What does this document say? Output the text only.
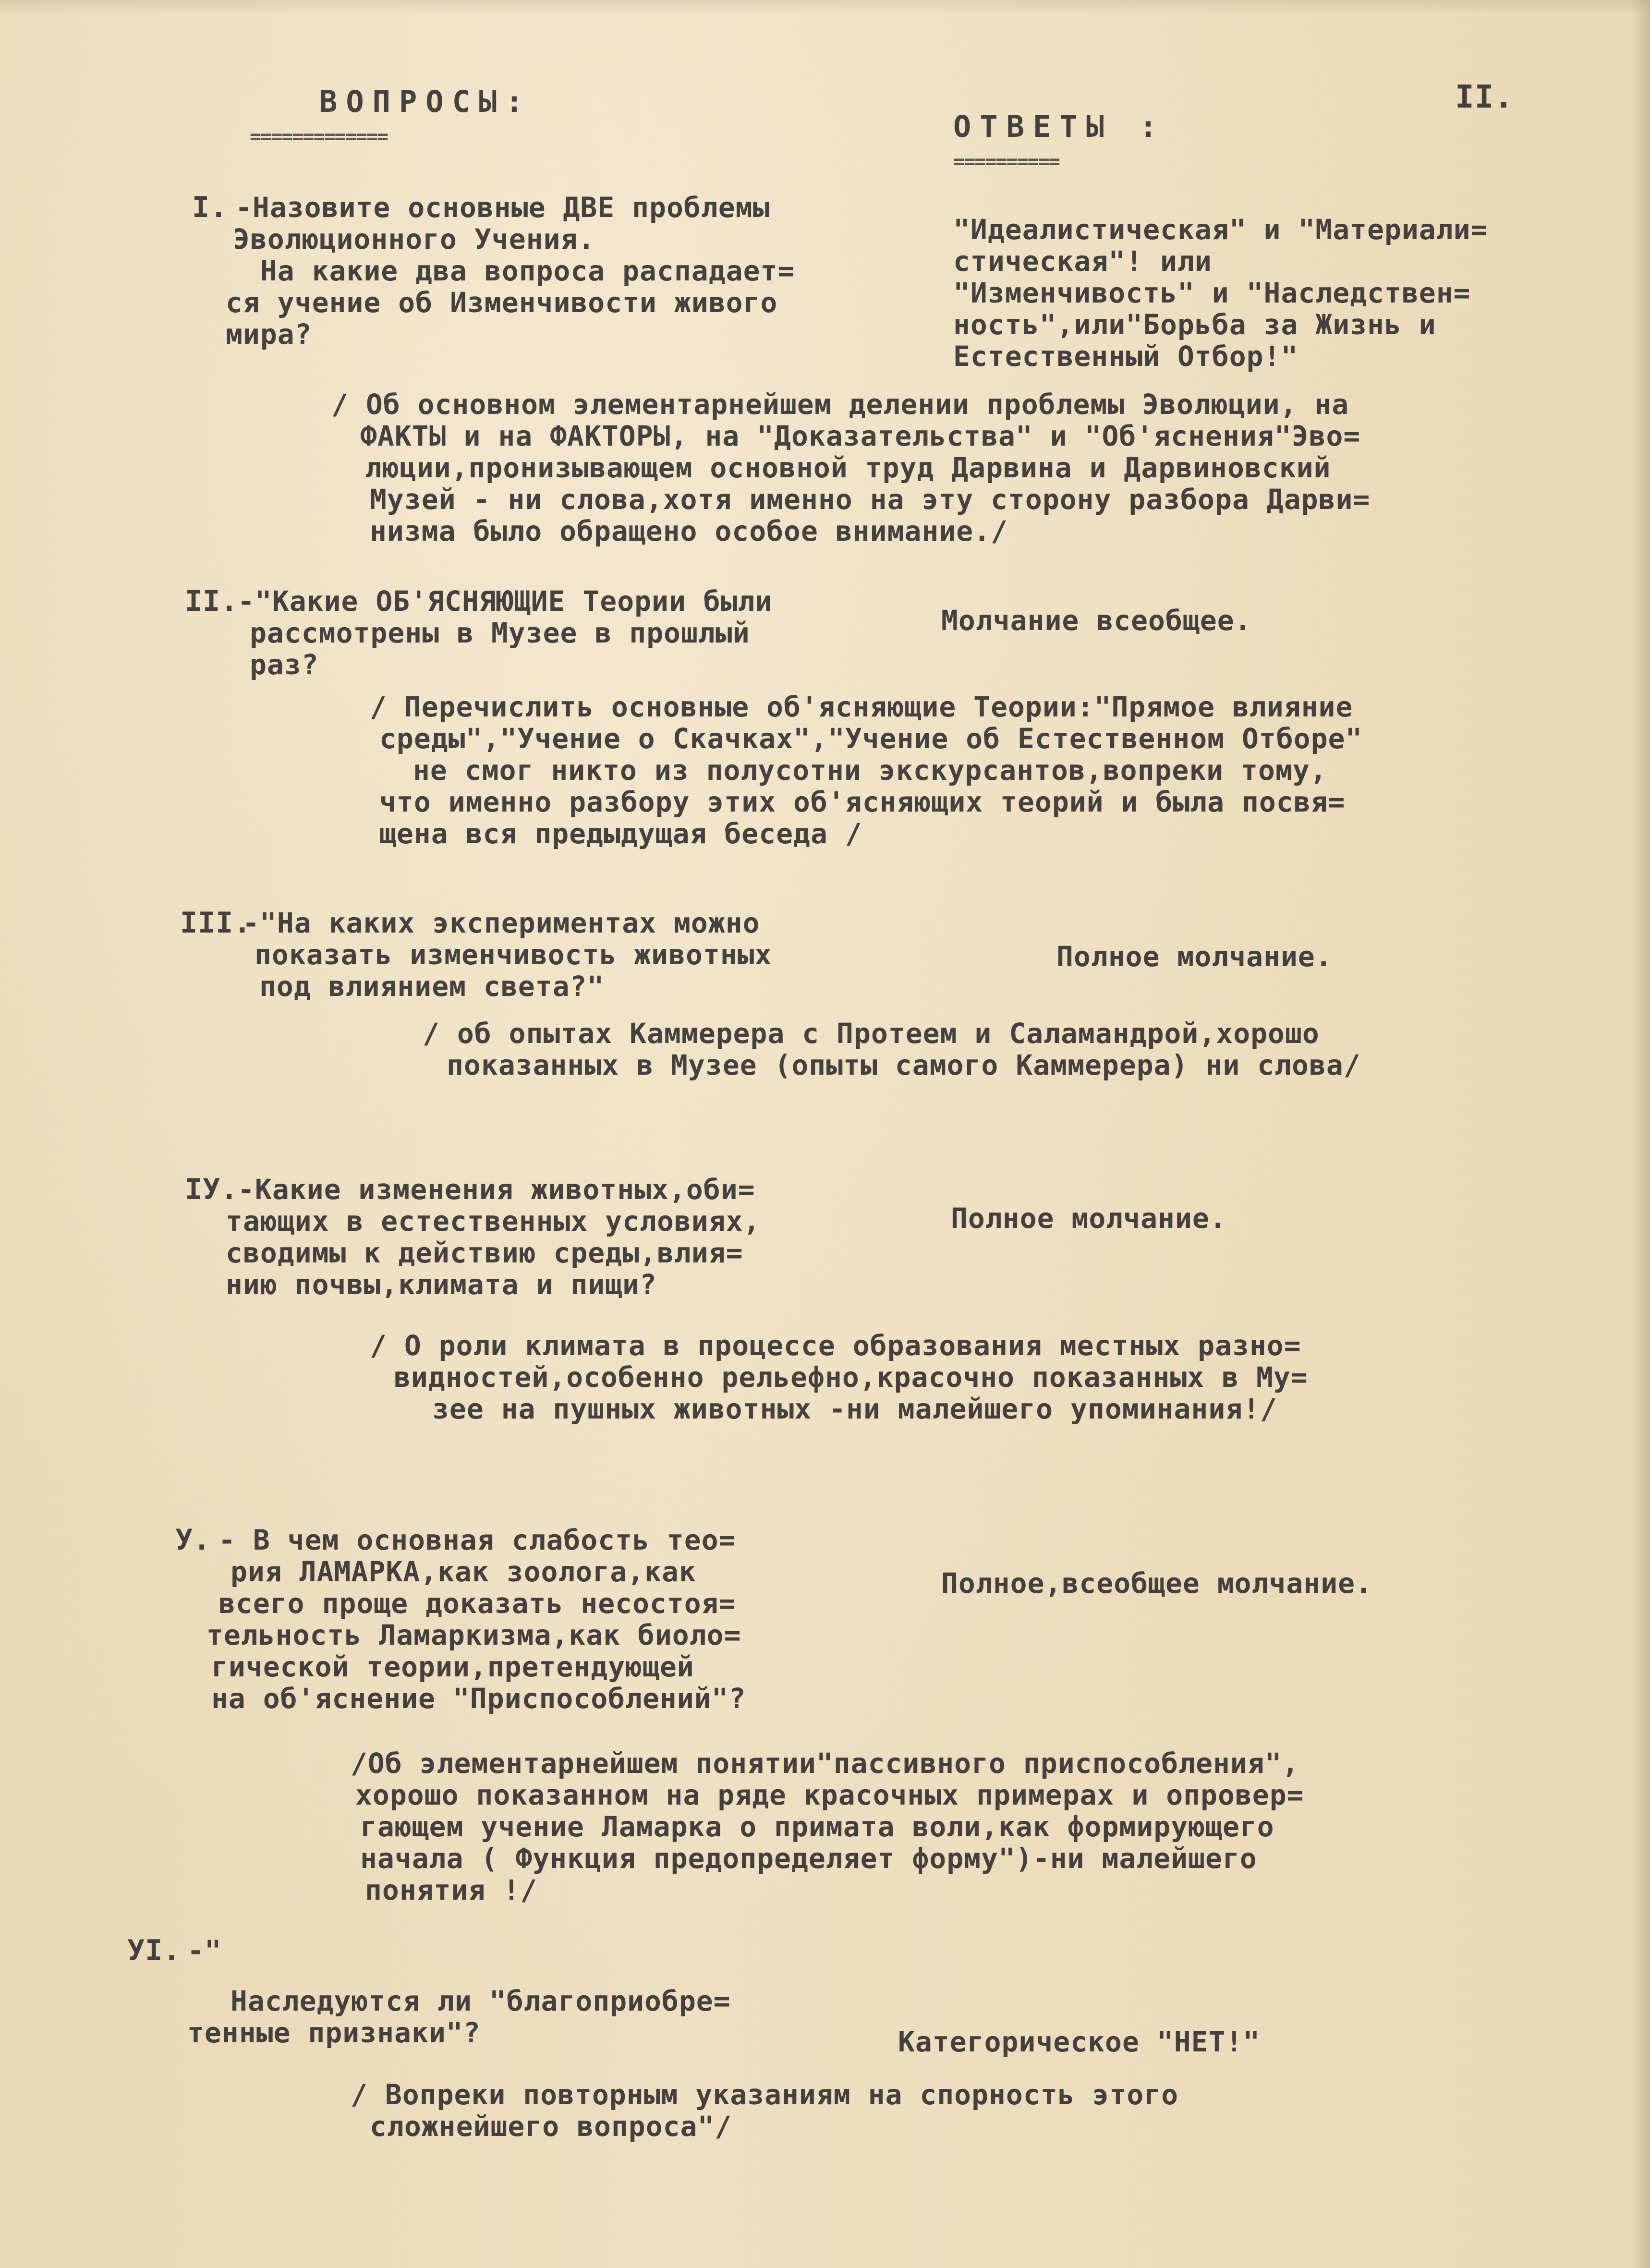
ВОПРОСЫ:
=============	ОТВЕТЫ :
==========
II.
I. -Назовите основные ДВЕ проблемы
Эволюционного Учения.
На какие два вопроса распадает=
ся учение об Изменчивости живого
мира?
"Идеалистическая" и "Материали=
стическая"! или
"Изменчивость" и "Наследствен=
ность",или"Борьба за Жизнь и
Естественный Отбор!"
/ Об основном элементарнейшем делении проблемы Эволюции, на
ФАКТЫ и на ФАКТОРЫ, на "Доказательства" и "Об'яснения"Эво=
люции,пронизывающем основной труд Дарвина и Дарвиновский
Музей - ни слова,хотя именно на эту сторону разбора Дарви=
низма было обращено особое внимание./
II.
-"Какие ОБ'ЯСНЯЮЩИЕ Теории были
рассмотрены в Музее в прошлый
раз?
Молчание всеобщее.
/ Перечислить основные об'ясняющие Теории:"Прямое влияние
среды","Учение о Скачках","Учение об Естественном Отборе"
не смог никто из полусотни экскурсантов,вопреки тому,
что именно разбору этих об'ясняющих теорий и была посвя=
щена вся предыдущая беседа /
III.
-"На каких экспериментах можно
показать изменчивость животных
под влиянием света?"
Полное молчание.
/ об опытах Каммерера с Протеем и Саламандрой,хорошо
показанных в Музее (опыты самого Каммерера) ни слова/
IУ.
-Какие изменения животных,оби=
тающих в естественных условиях,
сводимы к действию среды,влия=
нию почвы,климата и пищи?
Полное молчание.
/ О роли климата в процессе образования местных разно=
видностей,особенно рельефно,красочно показанных в Му=
зее на пушных животных -ни малейшего упоминания!/
У. - В чем основная слабость тео=
рия ЛАМАРКА,как зоолога,как
всего проще доказать несостоя=
тельность Ламаркизма,как биоло=
гической теории,претендующей
на об'яснение "Приспособлений"?
Полное,всеобщее молчание.
/Об элементарнейшем понятии"пассивного приспособления",
хорошо показанном на ряде красочных примерах и опровер=
гающем учение Ламарка о примата воли,как формирующего
начала ( Функция предопределяет форму")-ни малейшего
понятия !/
УI. -"
Наследуются ли "благоприобре=
тенные признаки"?	Категорическое "НЕТ!"
/ Вопреки повторным указаниям на спорность этого
сложнейшего вопроса"/
